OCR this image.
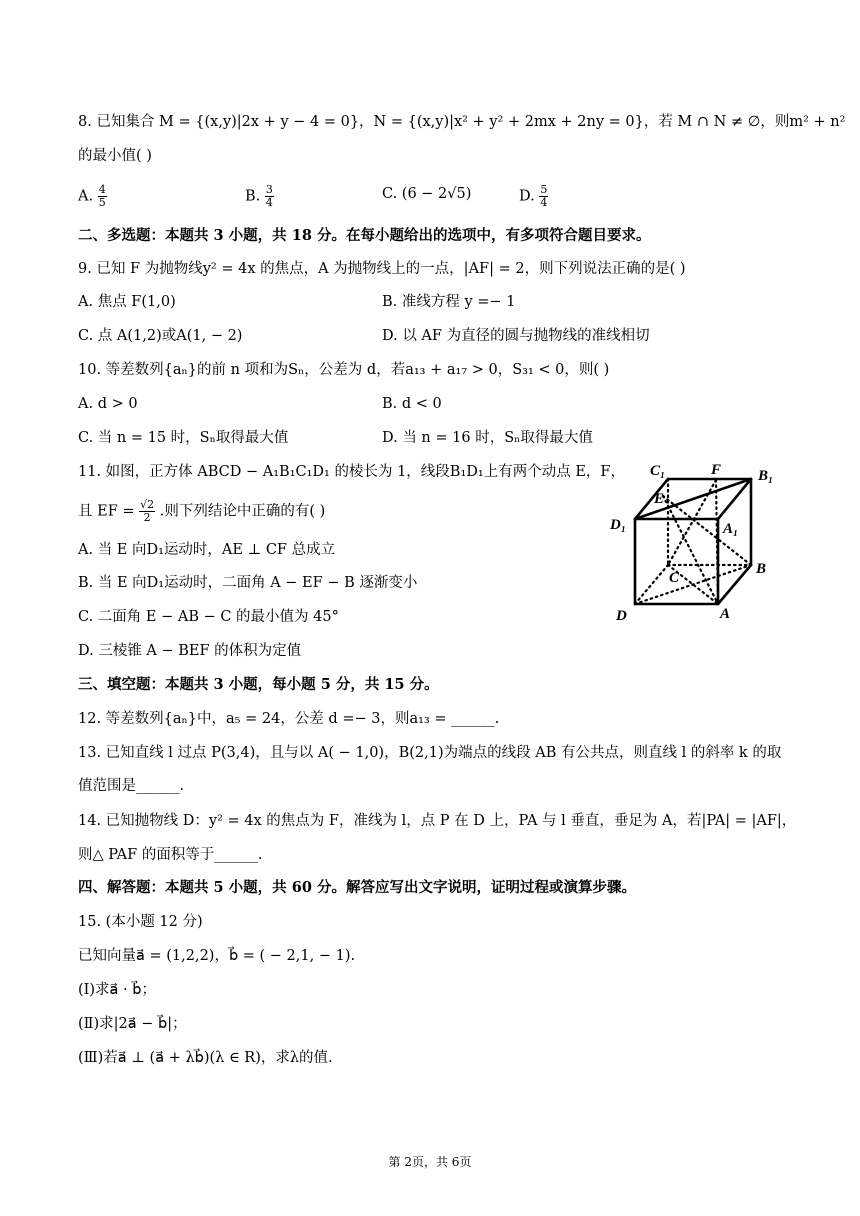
8. 已知集合 M = {(x,y)|2x + y − 4 = 0}，N = {(x,y)|x² + y² + 2mx + 2ny = 0}，若 M ∩ N ≠ ∅，则m² + n²
的最小值( )
A. $\frac{4}{5}$	B. $\frac{3}{4}$	C. (6 − 2√5)	D. $\frac{5}{4}$
二、多选题：本题共 3 小题，共 18 分。在每小题给出的选项中，有多项符合题目要求。
9. 已知 F 为抛物线y² = 4x 的焦点，A 为抛物线上的一点，|AF| = 2，则下列说法正确的是( )
A. 焦点 F(1,0)	B. 准线方程 y =− 1
C. 点 A(1,2)或A(1, − 2)	D. 以 AF 为直径的圆与抛物线的准线相切
10. 等差数列{aₙ}的前 n 项和为Sₙ，公差为 d，若a₁₃ + a₁₇ > 0，S₃₁ < 0，则( )
A. d > 0	B. d < 0
C. 当 n = 15 时，Sₙ取得最大值	D. 当 n = 16 时，Sₙ取得最大值
11. 如图，正方体 ABCD − A₁B₁C₁D₁ 的棱长为 1，线段B₁D₁上有两个动点 E，F，
且 EF = $\frac{√2}{2}$ .则下列结论中正确的有( )
A. 当 E 向D₁运动时，AE ⊥ CF 总成立
B. 当 E 向D₁运动时，二面角 A − EF − B 逐渐变小
C. 二面角 E − AB − C 的最小值为 45°
D. 三棱锥 A − BEF 的体积为定值
C₁	F B₁
E
D₁	A₁
C
B
D	A
三、填空题：本题共 3 小题，每小题 5 分，共 15 分。
12. 等差数列{aₙ}中，a₅ = 24，公差 d =− 3，则a₁₃ = ______.
13. 已知直线 l 过点 P(3,4)，且与以 A( − 1,0)，B(2,1)为端点的线段 AB 有公共点，则直线 l 的斜率 k 的取
值范围是______.
14. 已知抛物线 D：y² = 4x 的焦点为 F，准线为 l，点 P 在 D 上，PA 与 l 垂直，垂足为 A，若|PA| = |AF|，
则△ PAF 的面积等于______.
四、解答题：本题共 5 小题，共 60 分。解答应写出文字说明，证明过程或演算步骤。
15. (本小题 12 分)
已知向量a⃗ = (1,2,2)，b⃗ = ( − 2,1, − 1).
(Ⅰ)求a⃗ · b⃗；
(Ⅱ)求|2a⃗ − b⃗|；
(Ⅲ)若a⃗ ⊥ (a⃗ + λb⃗)(λ ∈ R)，求λ的值.
第 2页，共 6页
